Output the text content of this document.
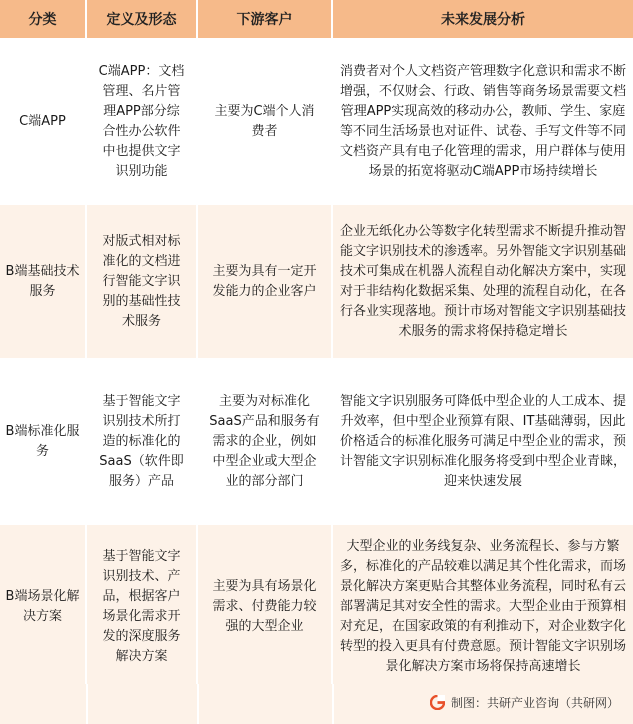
分类	定义及形态	下游客户	未来发展分析
C端APP	C端APP：文档管理、名片管理APP部分综合性办公软件中也提供文字识别功能	主要为C端个人消费者	消费者对个人文档资产管理数字化意识和需求不断增强，不仅财会、行政、销售等商务场景需要文档管理APP实现高效的移动办公，教师、学生、家庭等不同生活场景也对证件、试卷、手写文件等不同文档资产具有电子化管理的需求，用户群体与使用场景的拓宽将驱动C端APP市场持续增长
B端基础技术服务	对版式相对标准化的文档进行智能文字识别的基础性技术服务	主要为具有一定开发能力的企业客户	企业无纸化办公等数字化转型需求不断提升推动智能文字识别技术的渗透率。另外智能文字识别基础技术可集成在机器人流程自动化解决方案中，实现对于非结构化数据采集、处理的流程自动化，在各行各业实现落地。预计市场对智能文字识别基础技术服务的需求将保持稳定增长
B端标准化服务	基于智能文字识别技术所打造的标准化的SaaS（软件即服务）产品	主要为对标准化SaaS产品和服务有需求的企业，例如中型企业或大型企业的部分部门	智能文字识别服务可降低中型企业的人工成本、提升效率，但中型企业预算有限、IT基础薄弱，因此价格适合的标准化服务可满足中型企业的需求，预计智能文字识别标准化服务将受到中型企业青睐，迎来快速发展
B端场景化解决方案	基于智能文字识别技术、产品，根据客户场景化需求开发的深度服务解决方案	主要为具有场景化需求、付费能力较强的大型企业	大型企业的业务线复杂、业务流程长、参与方繁多，标准化的产品较难以满足其个性化需求，而场景化解决方案更贴合其整体业务流程，同时私有云部署满足其对安全性的需求。大型企业由于预算相对充足，在国家政策的有利推动下，对企业数字化转型的投入更具有付费意愿。预计智能文字识别场景化解决方案市场将保持高速增长
制图：共研产业咨询（共研网）
